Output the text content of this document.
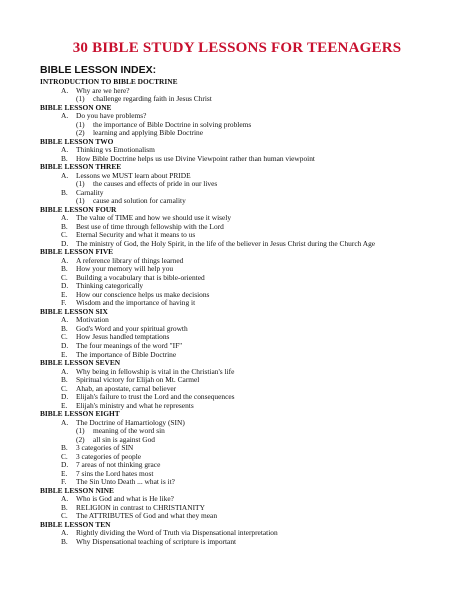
30 BIBLE STUDY LESSONS FOR TEENAGERS
BIBLE LESSON INDEX:
INTRODUCTION TO BIBLE DOCTRINE
A. Why are we here?
(1) challenge regarding faith in Jesus Christ
BIBLE LESSON ONE
A. Do you have problems?
(1) the importance of Bible Doctrine in solving problems
(2) learning and applying Bible Doctrine
BIBLE LESSON TWO
A. Thinking vs Emotionalism
B. How Bible Doctrine helps us use Divine Viewpoint rather than human viewpoint
BIBLE LESSON THREE
A. Lessons we MUST learn about PRIDE
(1) the causes and effects of pride in our lives
B. Carnality
(1) cause and solution for carnality
BIBLE LESSON FOUR
A. The value of TIME and how we should use it wisely
B. Best use of time through fellowship with the Lord
C. Eternal Security and what it means to us
D. The ministry of God, the Holy Spirit, in the life of the believer in Jesus Christ during the Church Age
BIBLE LESSON FIVE
A. A reference library of things learned
B. How your memory will help you
C. Building a vocabulary that is bible-oriented
D. Thinking categorically
E. How our conscience helps us make decisions
F. Wisdom and the importance of having it
BIBLE LESSON SIX
A. Motivation
B. God's Word and your spiritual growth
C. How Jesus handled temptations
D. The four meanings of the word "IF"
E. The importance of Bible Doctrine
BIBLE LESSON SEVEN
A. Why being in fellowship is vital in the Christian's life
B. Spiritual victory for Elijah on Mt. Carmel
C. Ahab, an apostate, carnal believer
D. Elijah's failure to trust the Lord and the consequences
E. Elijah's ministry and what he represents
BIBLE LESSON EIGHT
A. The Doctrine of Hamartiology (SIN)
(1) meaning of the word sin
(2) all sin is against God
B. 3 categories of SIN
C. 3 categories of people
D. 7 areas of not thinking grace
E. 7 sins the Lord hates most
F. The Sin Unto Death ... what is it?
BIBLE LESSON NINE
A. Who is God and what is He like?
B. RELIGION in contrast to CHRISTIANITY
C. The ATTRIBUTES of God and what they mean
BIBLE LESSON TEN
A. Rightly dividing the Word of Truth via Dispensational interpretation
B. Why Dispensational teaching of scripture is important
